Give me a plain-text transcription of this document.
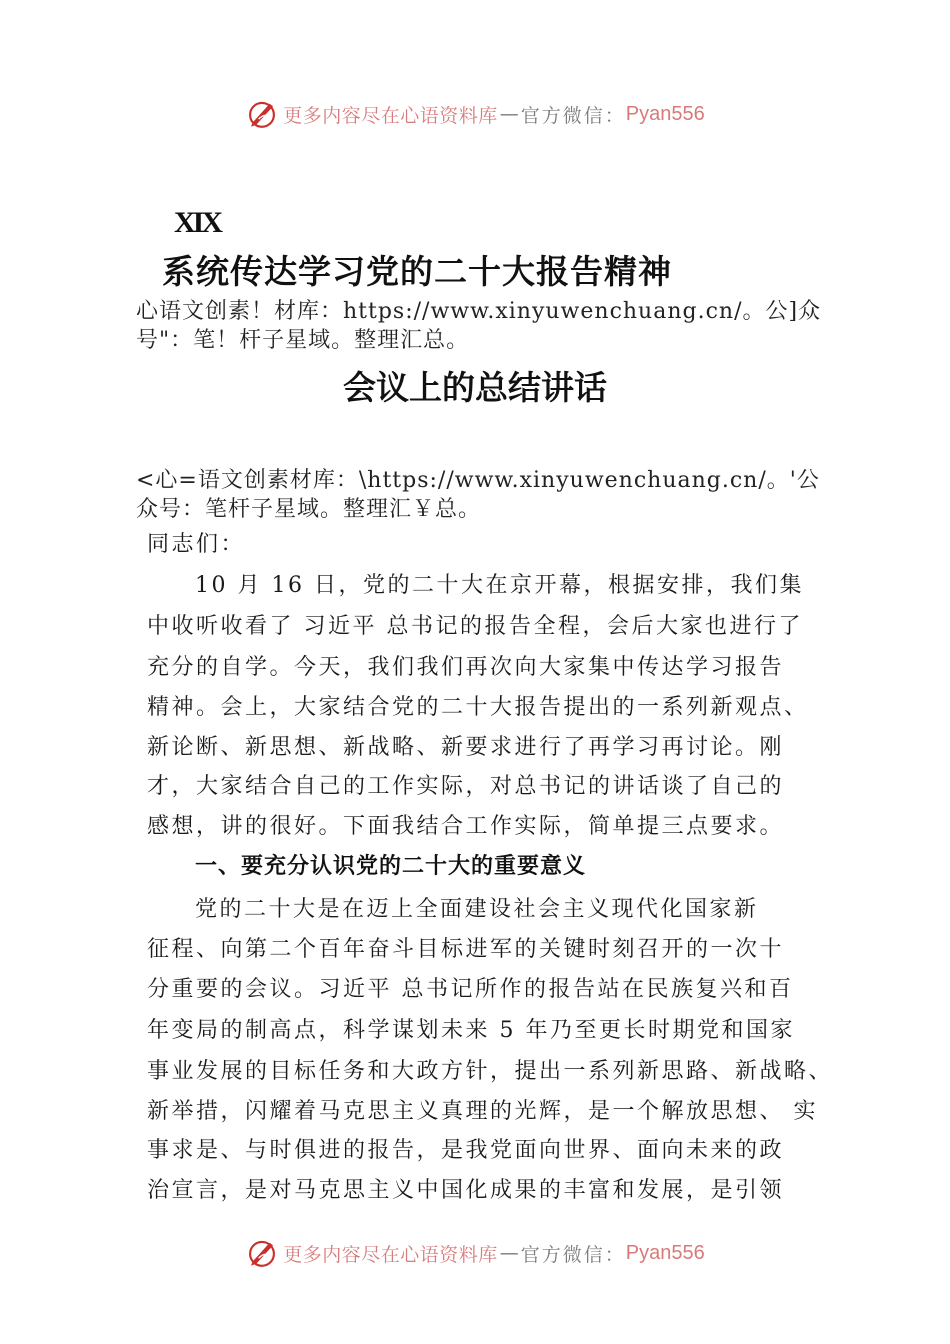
更多内容尽在心语资料库 — 官方微信： Pyan556
XIX
系统传达学习党的二十大报告精神
心语文创素！材库：https://www.xinyuwenchuang.cn/。公]众
号"：笔！杆子星域。整理汇总。
会议上的总结讲话
<心=语文创素材库：\https://www.xinyuwenchuang.cn/。'公
众号：笔杆子星域。整理汇￥总。
同志们：
10 月 16 日，党的二十大在京开幕，根据安排，我们集
中收听收看了 习近平 总书记的报告全程，会后大家也进行了
充分的自学。今天，我们我们再次向大家集中传达学习报告
精神。会上，大家结合党的二十大报告提出的一系列新观点、
新论断、新思想、新战略、新要求进行了再学习再讨论。刚
才，大家结合自己的工作实际，对总书记的讲话谈了自己的
感想，讲的很好。下面我结合工作实际，简单提三点要求。
一、要充分认识党的二十大的重要意义
党的二十大是在迈上全面建设社会主义现代化国家新
征程、向第二个百年奋斗目标进军的关键时刻召开的一次十
分重要的会议。习近平 总书记所作的报告站在民族复兴和百
年变局的制高点，科学谋划未来 5 年乃至更长时期党和国家
事业发展的目标任务和大政方针，提出一系列新思路、新战略、
新举措，闪耀着马克思主义真理的光辉，是一个解放思想、 实
事求是、与时俱进的报告，是我党面向世界、面向未来的政
治宣言，是对马克思主义中国化成果的丰富和发展，是引领
更多内容尽在心语资料库 — 官方微信： Pyan556
